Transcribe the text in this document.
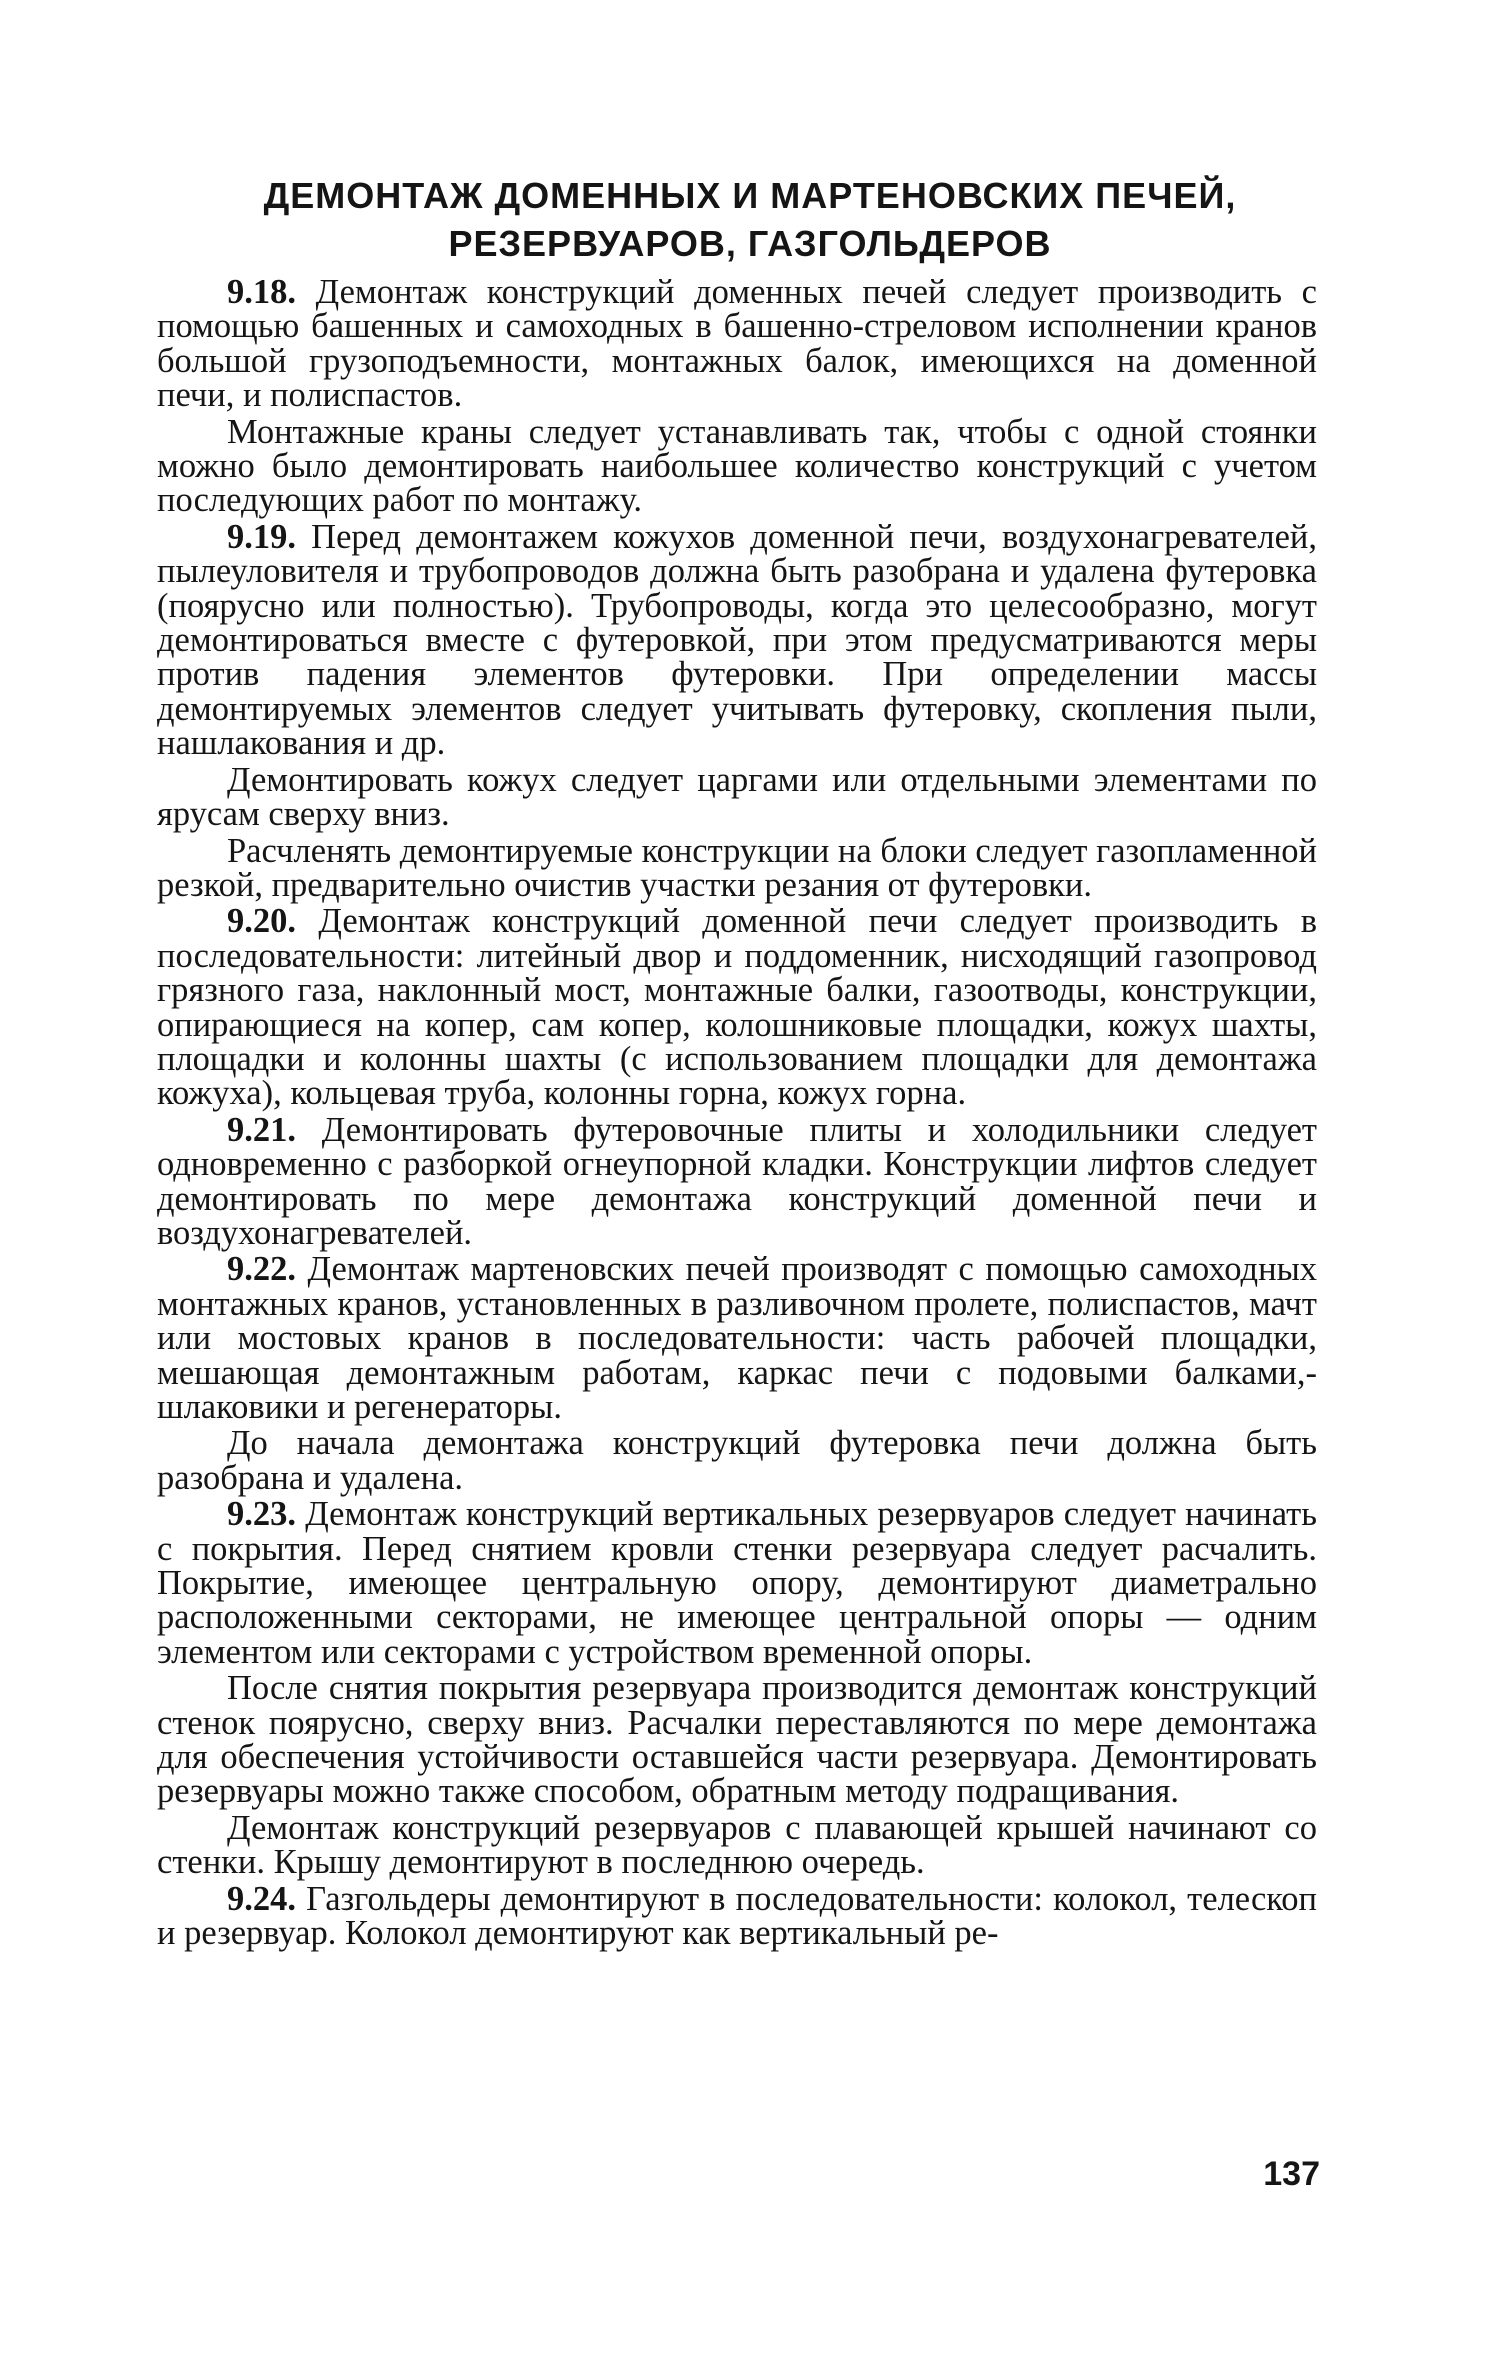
ДЕМОНТАЖ ДОМЕННЫХ И МАРТЕНОВСКИХ ПЕЧЕЙ,
РЕЗЕРВУАРОВ, ГАЗГОЛЬДЕРОВ

9.18. Демонтаж конструкций доменных печей следует производить с помощью башенных и самоходных в башенно-стреловом исполнении кранов большой грузоподъемности, монтажных балок, имеющихся на доменной печи, и полиспастов.

Монтажные краны следует устанавливать так, чтобы с одной стоянки можно было демонтировать наибольшее количество конструкций с учетом последующих работ по монтажу.

9.19. Перед демонтажем кожухов доменной печи, воздухонагревателей, пылеуловителя и трубопроводов должна быть разобрана и удалена футеровка (поярусно или полностью). Трубопроводы, когда это целесообразно, могут демонтироваться вместе с футеровкой, при этом предусматриваются меры против падения элементов футеровки. При определении массы демонтируемых элементов следует учитывать футеровку, скопления пыли, нашлакования и др.

Демонтировать кожух следует царгами или отдельными элементами по ярусам сверху вниз.

Расчленять демонтируемые конструкции на блоки следует газопламенной резкой, предварительно очистив участки резания от футеровки.

9.20. Демонтаж конструкций доменной печи следует производить в последовательности: литейный двор и поддоменник, нисходящий газопровод грязного газа, наклонный мост, монтажные балки, газоотводы, конструкции, опирающиеся на копер, сам копер, колошниковые площадки, кожух шахты, площадки и колонны шахты (с использованием площадки для демонтажа кожуха), кольцевая труба, колонны горна, кожух горна.

9.21. Демонтировать футеровочные плиты и холодильники следует одновременно с разборкой огнеупорной кладки. Конструкции лифтов следует демонтировать по мере демонтажа конструкций доменной печи и воздухонагревателей.

9.22. Демонтаж мартеновских печей производят с помощью самоходных монтажных кранов, установленных в разливочном пролете, полиспастов, мачт или мостовых кранов в последовательности: часть рабочей площадки, мешающая демонтажным работам, каркас печи с подовыми балками,- шлаковики и регенераторы.

До начала демонтажа конструкций футеровка печи должна быть разобрана и удалена.

9.23. Демонтаж конструкций вертикальных резервуаров следует начинать с покрытия. Перед снятием кровли стенки резервуара следует расчалить. Покрытие, имеющее центральную опору, демонтируют диаметрально расположенными секторами, не имеющее центральной опоры — одним элементом или секторами с устройством временной опоры.

После снятия покрытия резервуара производится демонтаж конструкций стенок поярусно, сверху вниз. Расчалки переставляются по мере демонтажа для обеспечения устойчивости оставшейся части резервуара. Демонтировать резервуары можно также способом, обратным методу подращивания.

Демонтаж конструкций резервуаров с плавающей крышей начинают со стенки. Крышу демонтируют в последнюю очередь.

9.24. Газгольдеры демонтируют в последовательности: колокол, телескоп и резервуар. Колокол демонтируют как вертикальный ре-

137
